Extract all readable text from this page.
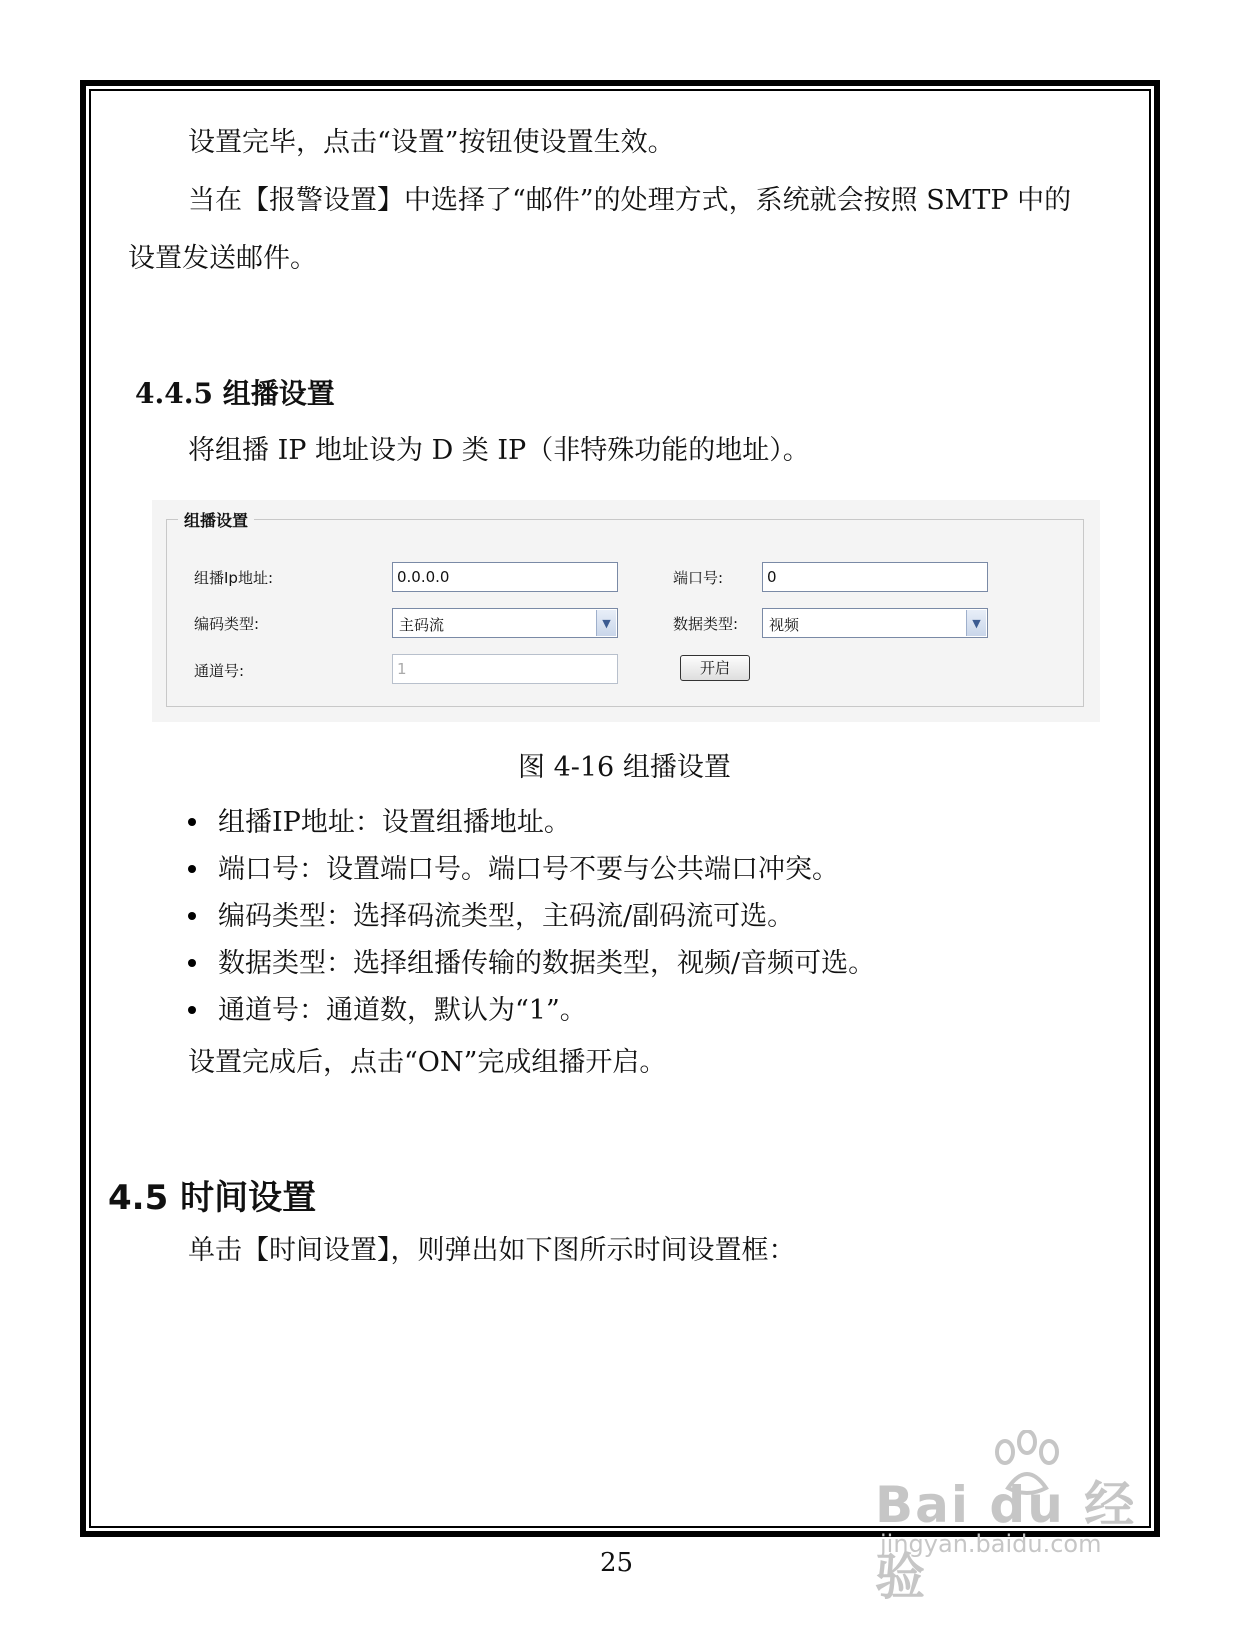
设置完毕，点击“设置”按钮使设置生效。
当在【报警设置】中选择了“邮件”的处理方式，系统就会按照 SMTP 中的
设置发送邮件。
4.4.5 组播设置
将组播 IP 地址设为 D 类 IP（非特殊功能的地址）。
组播设置
组播Ip地址:	0.0.0.0	端口号:	0
编码类型:	主码流	▼	数据类型:	视频	▼
通道号:	1	开启
图 4-16 组播设置
组播IP地址：设置组播地址。
端口号：设置端口号。端口号不要与公共端口冲突。
编码类型：选择码流类型，主码流/副码流可选。
数据类型：选择组播传输的数据类型，视频/音频可选。
通道号：通道数，默认为“1”。
设置完成后，点击“ON”完成组播开启。
4.5 时间设置
单击【时间设置】，则弹出如下图所示时间设置框：
25
Bai du 经验
jingyan.baidu.com
